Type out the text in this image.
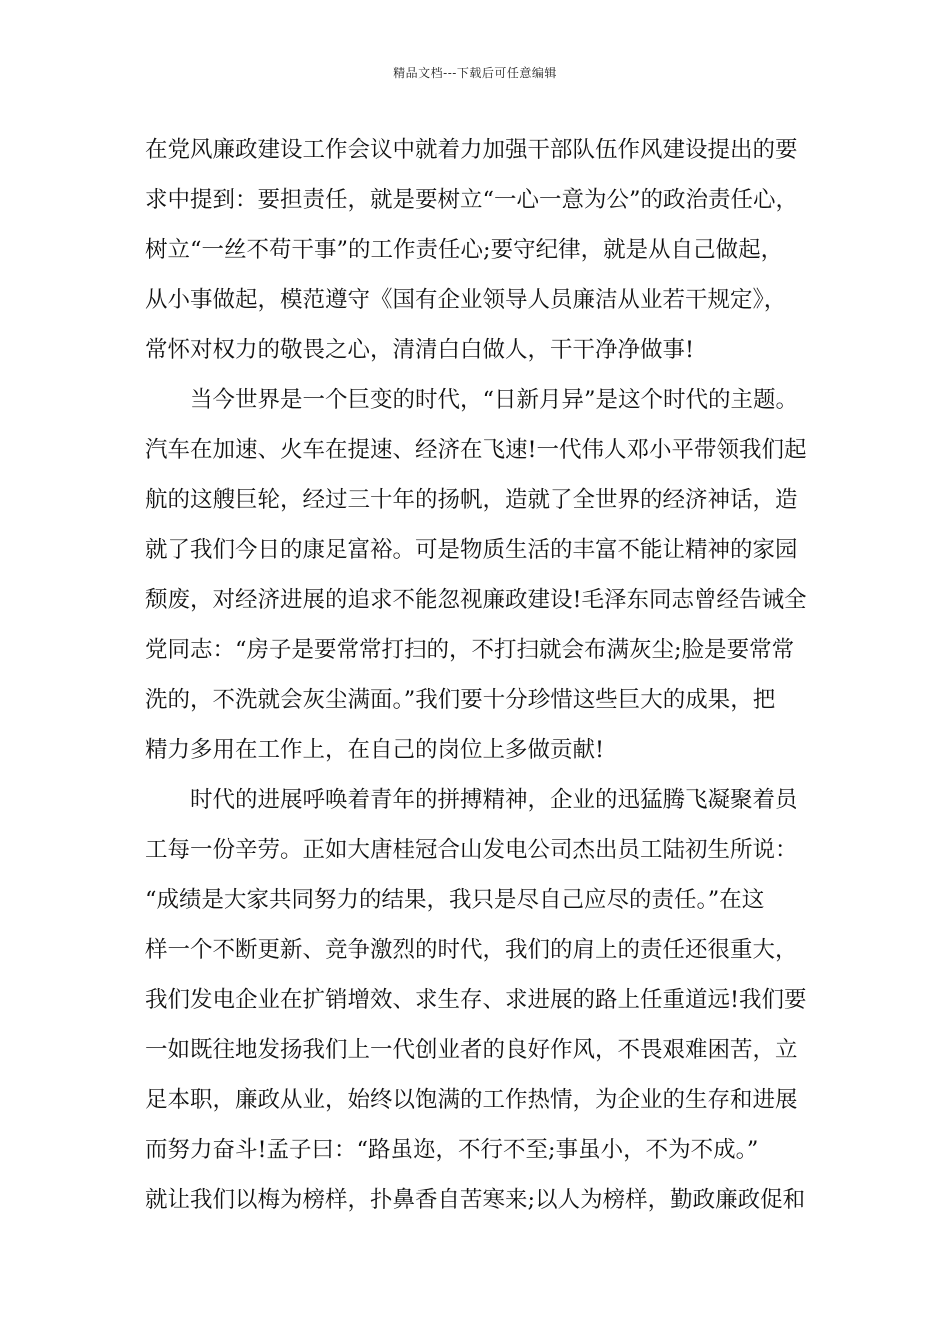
精品文档---下载后可任意编辑
在党风廉政建设工作会议中就着力加强干部队伍作风建设提出的要
求中提到：要担责任，就是要树立“一心一意为公”的政治责任心，
树立“一丝不苟干事”的工作责任心;要守纪律，就是从自己做起，
从小事做起，模范遵守《国有企业领导人员廉洁从业若干规定》，
常怀对权力的敬畏之心，清清白白做人，干干净净做事!
当今世界是一个巨变的时代，“日新月异”是这个时代的主题。
汽车在加速、火车在提速、经济在飞速!一代伟人邓小平带领我们起
航的这艘巨轮，经过三十年的扬帆，造就了全世界的经济神话，造
就了我们今日的康足富裕。可是物质生活的丰富不能让精神的家园
颓废，对经济进展的追求不能忽视廉政建设!毛泽东同志曾经告诫全
党同志：“房子是要常常打扫的，不打扫就会布满灰尘;脸是要常常
洗的，不洗就会灰尘满面。”我们要十分珍惜这些巨大的成果，把
精力多用在工作上，在自己的岗位上多做贡献!
时代的进展呼唤着青年的拼搏精神，企业的迅猛腾飞凝聚着员
工每一份辛劳。正如大唐桂冠合山发电公司杰出员工陆初生所说：
“成绩是大家共同努力的结果，我只是尽自己应尽的责任。”在这
样一个不断更新、竞争激烈的时代，我们的肩上的责任还很重大，
我们发电企业在扩销增效、求生存、求进展的路上任重道远!我们要
一如既往地发扬我们上一代创业者的良好作风，不畏艰难困苦，立
足本职，廉政从业，始终以饱满的工作热情，为企业的生存和进展
而努力奋斗!孟子曰：“路虽迩，不行不至;事虽小，不为不成。”
就让我们以梅为榜样，扑鼻香自苦寒来;以人为榜样，勤政廉政促和
